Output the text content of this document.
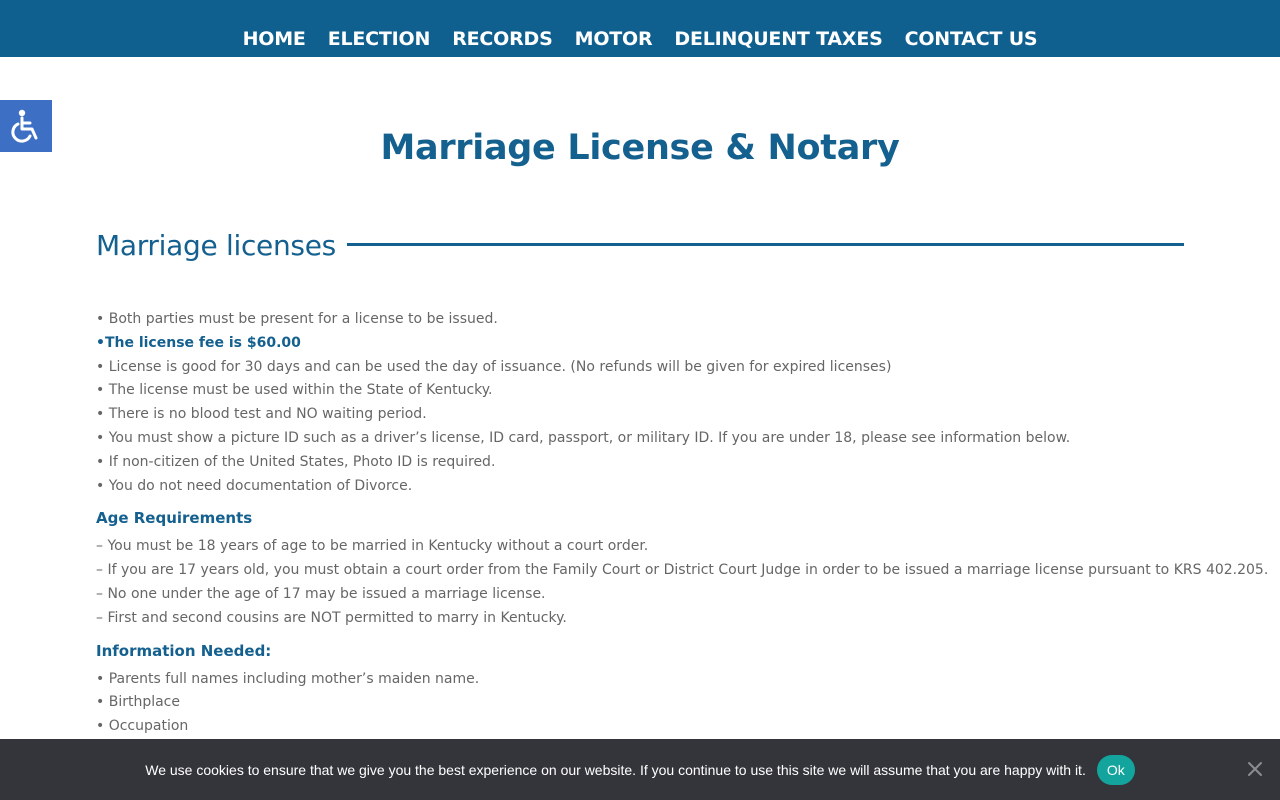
HOME ELECTION RECORDS MOTOR DELINQUENT TAXES CONTACT US
Marriage License & Notary
Marriage licenses
• Both parties must be present for a license to be issued.
•The license fee is $60.00
• License is good for 30 days and can be used the day of issuance. (No refunds will be given for expired licenses)
• The license must be used within the State of Kentucky.
• There is no blood test and NO waiting period.
• You must show a picture ID such as a driver’s license, ID card, passport, or military ID. If you are under 18, please see information below.
• If non-citizen of the United States, Photo ID is required.
• You do not need documentation of Divorce.
Age Requirements
– You must be 18 years of age to be married in Kentucky without a court order.
– If you are 17 years old, you must obtain a court order from the Family Court or District Court Judge in order to be issued a marriage license pursuant to KRS 402.205.
– No one under the age of 17 may be issued a marriage license.
– First and second cousins are NOT permitted to marry in Kentucky.
Information Needed:
• Parents full names including mother’s maiden name.
• Birthplace
• Occupation
We use cookies to ensure that we give you the best experience on our website. If you continue to use this site we will assume that you are happy with it.	Ok
